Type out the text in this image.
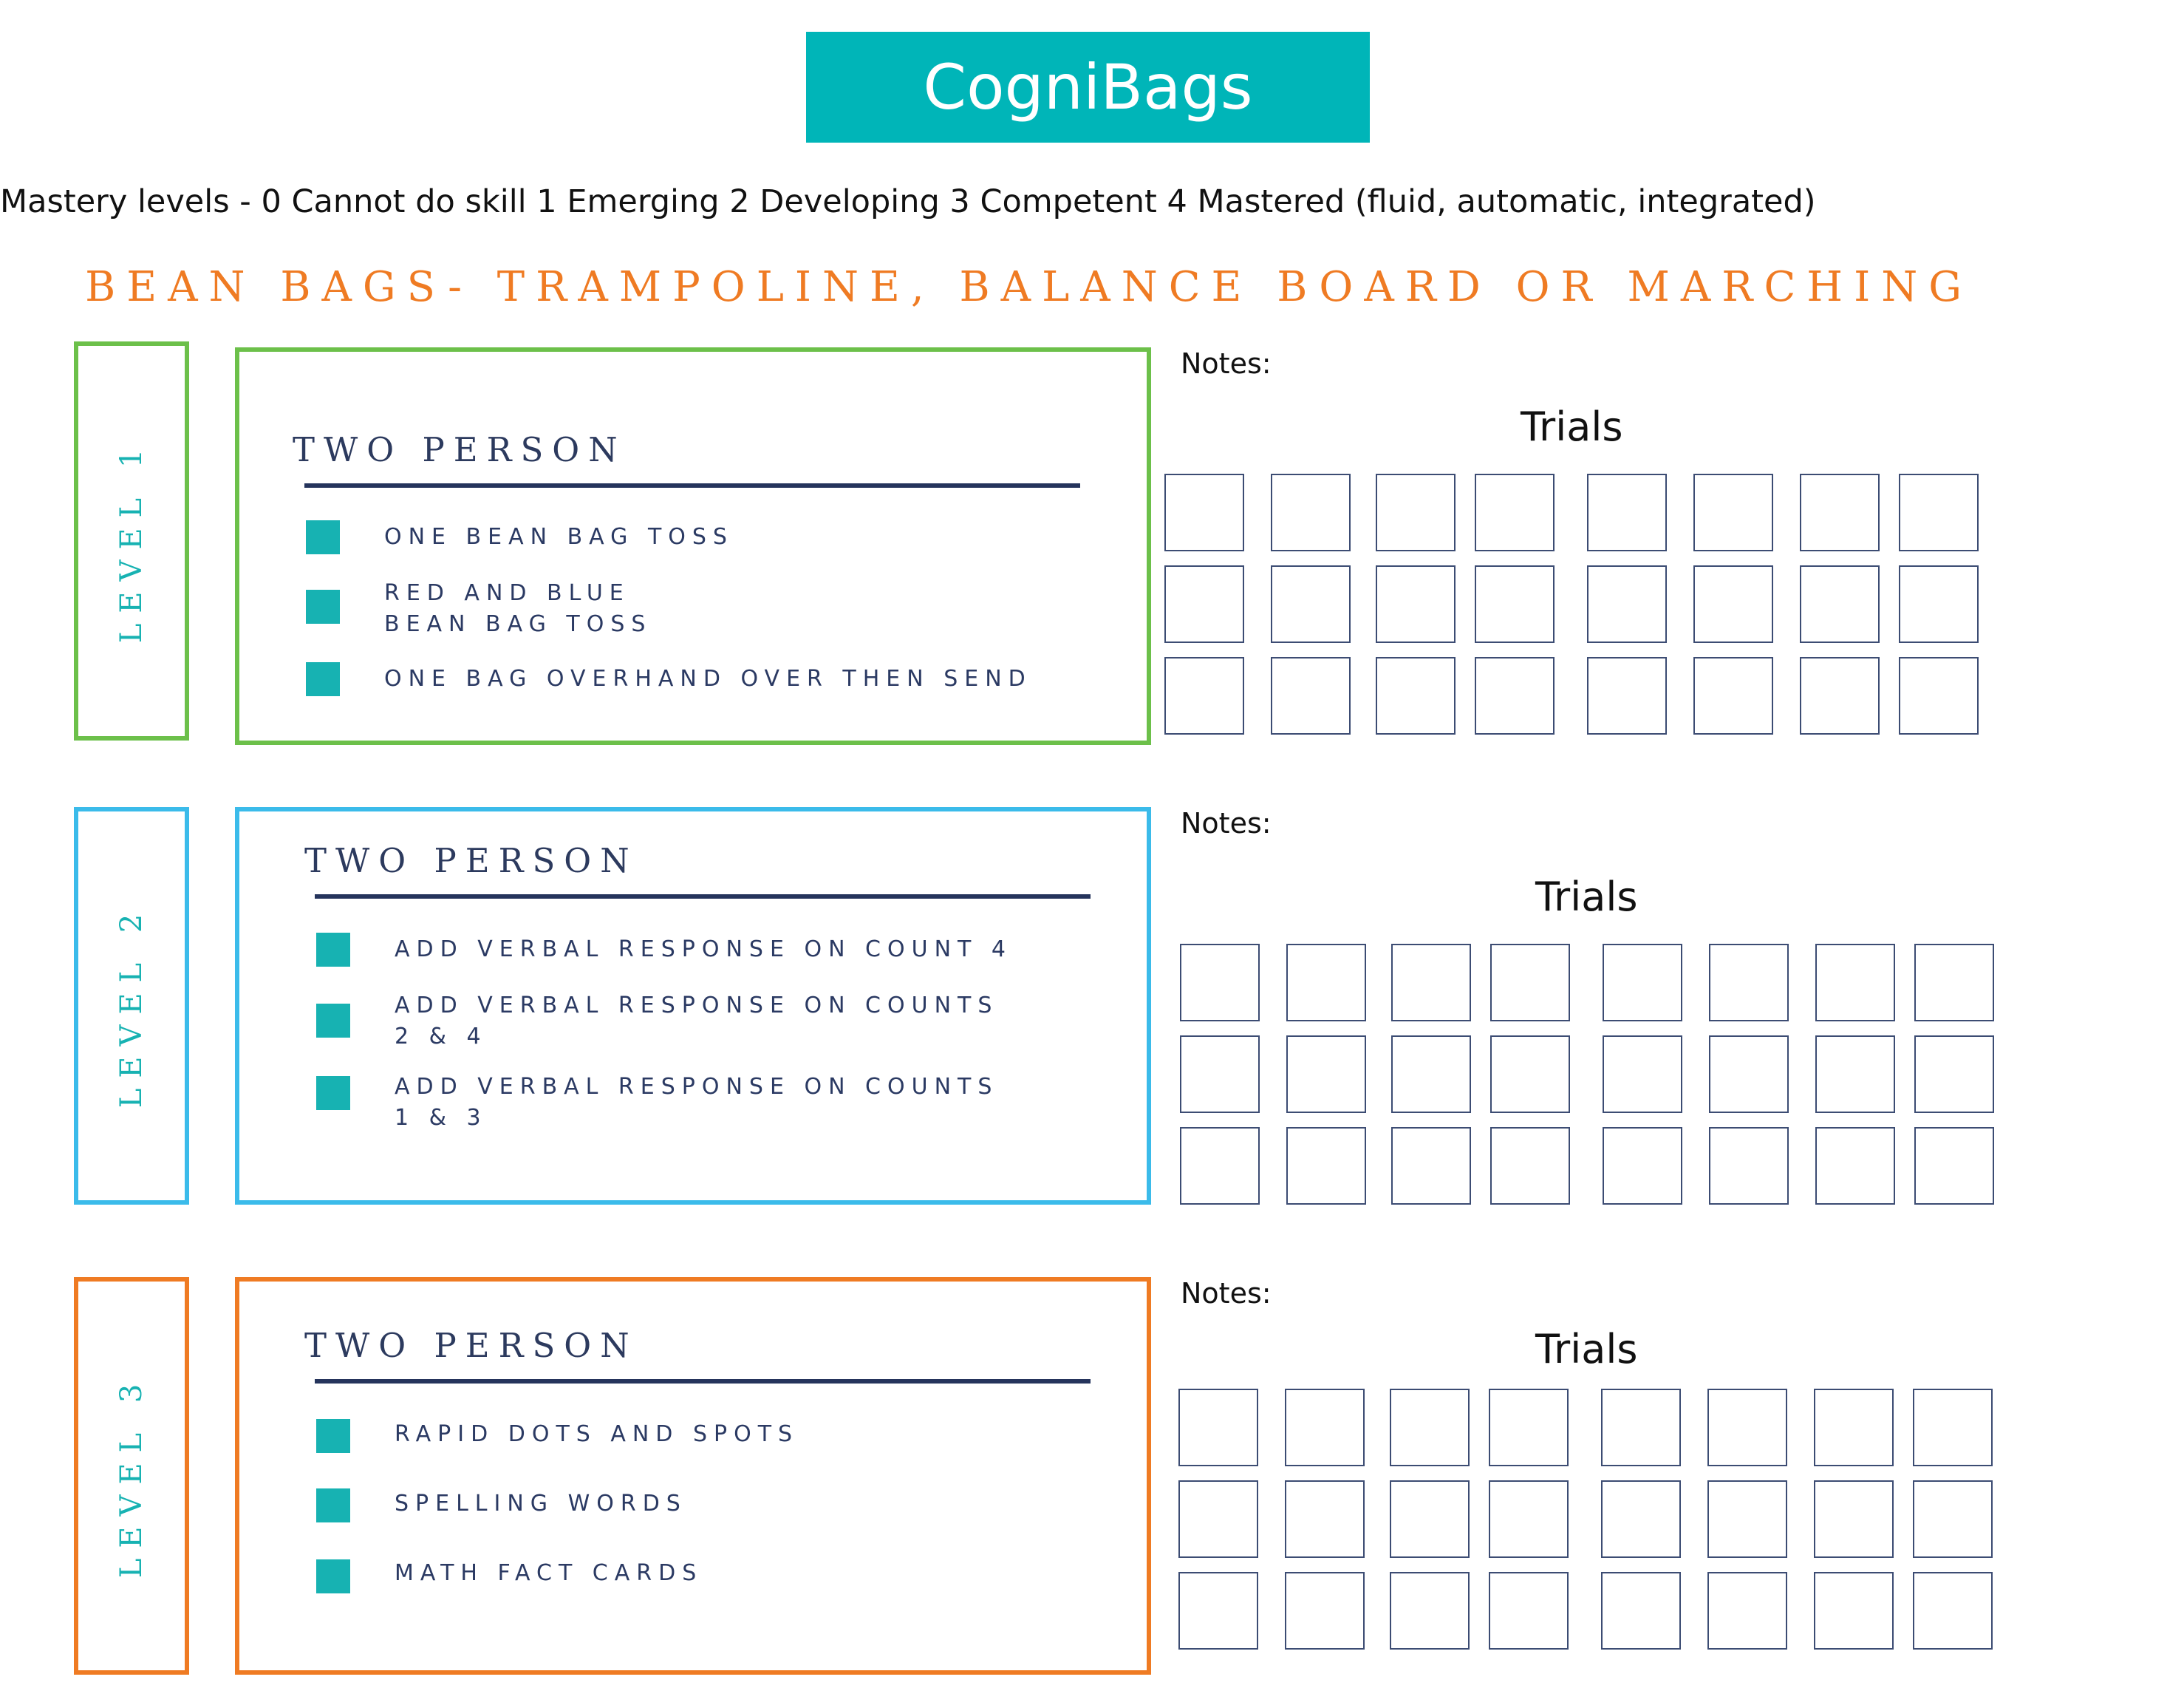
CogniBags
Mastery levels - 0 Cannot do skill 1 Emerging 2 Developing 3 Competent 4 Mastered (fluid, automatic, integrated)
BEAN BAGS- TRAMPOLINE, BALANCE BOARD OR MARCHING
LEVEL 1	TWO PERSON
ONE BEAN BAG TOSS
RED AND BLUE
BEAN BAG TOSS
ONE BAG OVERHAND OVER THEN SEND
Notes:
Trials
LEVEL 2
TWO PERSON
ADD VERBAL RESPONSE ON COUNT 4
ADD VERBAL RESPONSE ON COUNTS
2 & 4
ADD VERBAL RESPONSE ON COUNTS
1 & 3
Notes:
Trials
LEVEL 3
TWO PERSON
RAPID DOTS AND SPOTS
SPELLING WORDS
MATH FACT CARDS
Notes:
Trials
